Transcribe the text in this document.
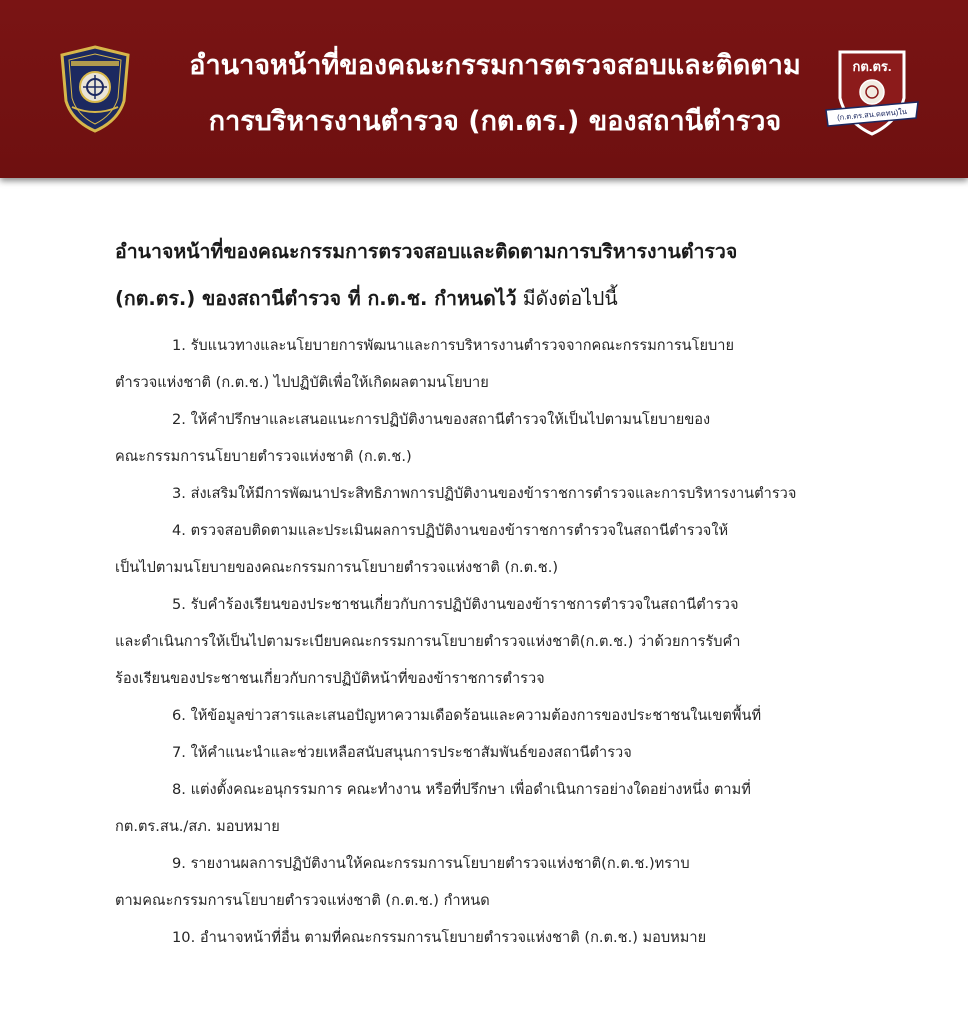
อำนาจหน้าที่ของคณะกรรมการตรวจสอบและติดตาม
การบริหารงานตำรวจ (กต.ตร.) ของสถานีตำรวจ
กต.ตร.
(ก.ต.ตร.สน.ดดทน)ใน
อำนาจหน้าที่ของคณะกรรมการตรวจสอบและติดตามการบริหารงานตำรวจ
(กต.ตร.) ของสถานีตำรวจ ที่ ก.ต.ช. กำหนดไว้ มีดังต่อไปนี้
1. รับแนวทางและนโยบายการพัฒนาและการบริหารงานตำรวจจากคณะกรรมการนโยบาย
ตำรวจแห่งชาติ (ก.ต.ช.) ไปปฏิบัติเพื่อให้เกิดผลตามนโยบาย
2. ให้คำปรึกษาและเสนอแนะการปฏิบัติงานของสถานีตำรวจให้เป็นไปตามนโยบายของ
คณะกรรมการนโยบายตำรวจแห่งชาติ (ก.ต.ช.)
3. ส่งเสริมให้มีการพัฒนาประสิทธิภาพการปฏิบัติงานของข้าราชการตำรวจและการบริหารงานตำรวจ
4. ตรวจสอบติดตามและประเมินผลการปฏิบัติงานของข้าราชการตำรวจในสถานีตำรวจให้
เป็นไปตามนโยบายของคณะกรรมการนโยบายตำรวจแห่งชาติ (ก.ต.ช.)
5. รับคำร้องเรียนของประชาชนเกี่ยวกับการปฏิบัติงานของข้าราชการตำรวจในสถานีตำรวจ
และดำเนินการให้เป็นไปตามระเบียบคณะกรรมการนโยบายตำรวจแห่งชาติ(ก.ต.ช.) ว่าด้วยการรับคำ
ร้องเรียนของประชาชนเกี่ยวกับการปฏิบัติหน้าที่ของข้าราชการตำรวจ
6. ให้ข้อมูลข่าวสารและเสนอปัญหาความเดือดร้อนและความต้องการของประชาชนในเขตพื้นที่
7. ให้คำแนะนำและช่วยเหลือสนับสนุนการประชาสัมพันธ์ของสถานีตำรวจ
8. แต่งตั้งคณะอนุกรรมการ คณะทำงาน หรือที่ปรึกษา เพื่อดำเนินการอย่างใดอย่างหนึ่ง ตามที่
กต.ตร.สน./สภ. มอบหมาย
9. รายงานผลการปฏิบัติงานให้คณะกรรมการนโยบายตำรวจแห่งชาติ(ก.ต.ช.)ทราบ
ตามคณะกรรมการนโยบายตำรวจแห่งชาติ (ก.ต.ช.) กำหนด
10. อำนาจหน้าที่อื่น ตามที่คณะกรรมการนโยบายตำรวจแห่งชาติ (ก.ต.ช.) มอบหมาย
